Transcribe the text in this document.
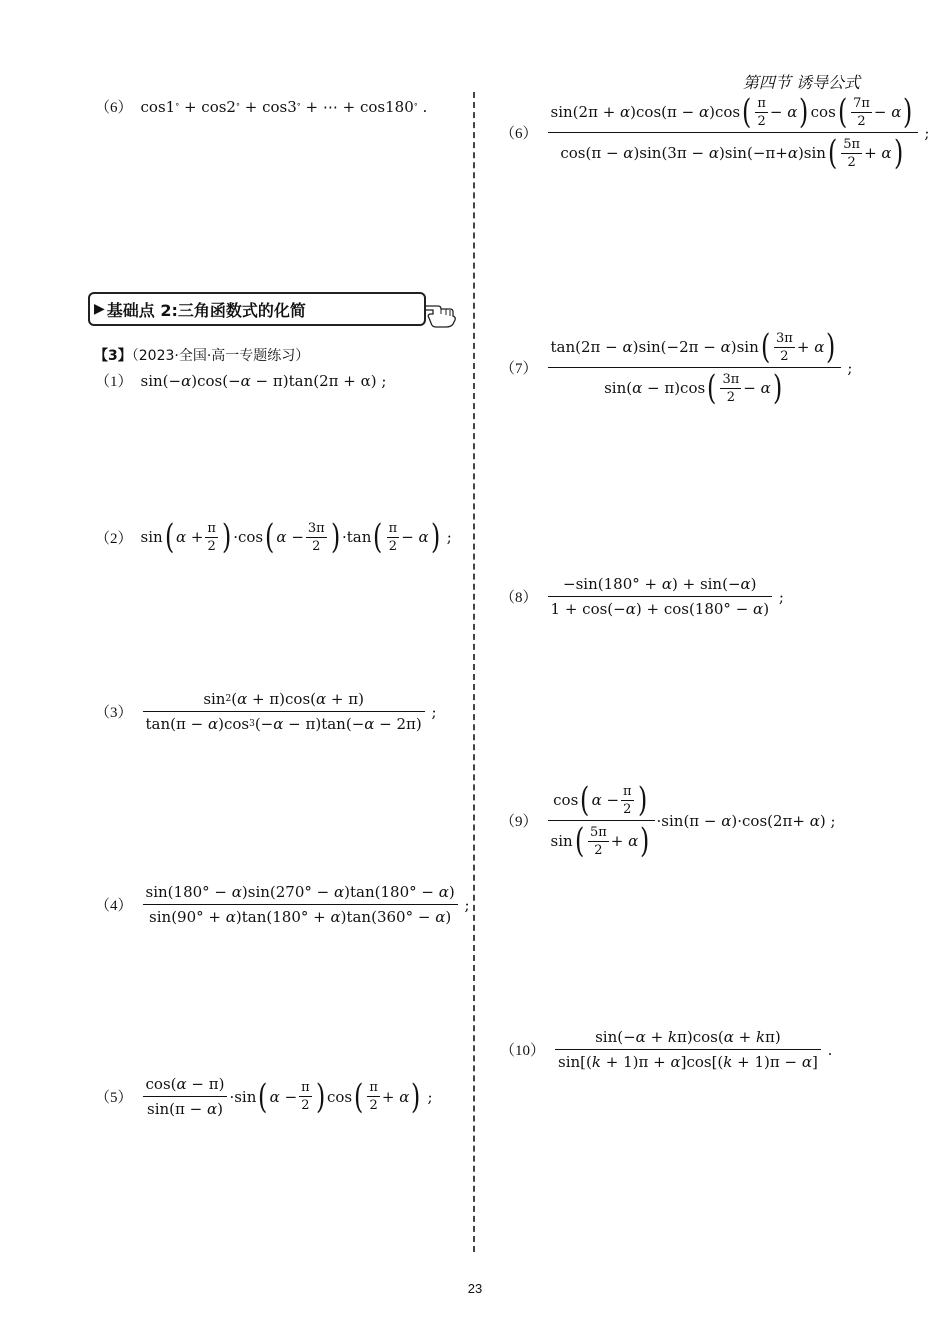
第四节 诱导公式
（6） cos1 ° + cos2 ° + cos3 ° + ⋯ + cos180 ° .
▶ 基础点 2:三角函数式的化简
【3】（2023·全国·高一专题练习）
（1） sin(− α )cos(− α − π)tan(2π + α) ;
（2） sin ( α + π
2
) ·cos ( α − 3π
2
)	·tan ( π
2 − α
) ;
$(3) \frac{\sin 2 ( \alpha + \pi)\cos( \alpha + \pi)}{\tan(\pi - \alpha )\cos 3 (- \alpha - \pi)\tan(- \alpha - 2\pi)}$ ;
$(4) \frac{\sin(180^\circ - \alpha )\sin(270^\circ - \alpha )\tan(180^\circ - \alpha )}{\sin(90^\circ + \alpha )\tan(180^\circ + \alpha )\tan(360^\circ - \alpha )}$ ;
$(5) \frac{\cos( \alpha - \pi)}{\sin(\pi - \alpha )} \cdot\sin$ ( α − π
2
) cos ( π
2 + α
) ;
（6） sin(2π + α )cos(π − α )cos ( π
2 − α
) cos ( 7π
2 − α
)
cos(π − α )sin(3π − α )sin(−π+ α )sin ( 5π
2 + α
) ;
（7） tan(2π − α )sin(−2π − α )sin ( 3π
2 + α
)
sin( α − π)cos ( 3π
2 − α
) ;
$(8) \frac{-\sin(180^\circ + \alpha ) + \sin(- \alpha )}{1 + \cos(- \alpha ) + \cos(180^\circ - \alpha )}$ ;
（9） cos ( α − π
2
)
sin ( 5π
2 + α
) ·sin(π − α )·cos(2π+ α ) ;
$(10) \frac{\text{sin(− α + k π)cos( α + k π)}}{\sin[( k + 1)\pi + \alpha ]\cos[( k + 1)\pi - \alpha ]}$ .
23
